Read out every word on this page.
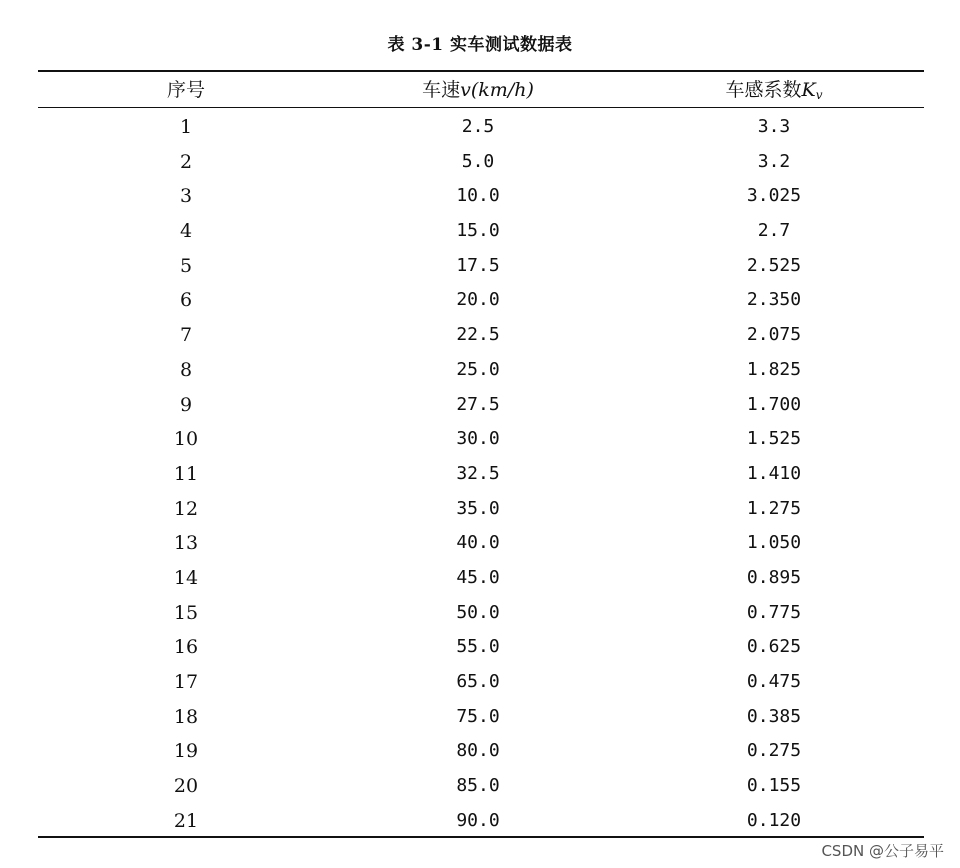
表 3-1 实车测试数据表
序号	车速v(km/h)	车感系数$K_v$
1	2.5	3.3
2	5.0	3.2
3	10.0	3.025
4	15.0	2.7
5	17.5	2.525
6	20.0	2.350
7	22.5	2.075
8	25.0	1.825
9	27.5	1.700
10	30.0	1.525
11	32.5	1.410
12	35.0	1.275
13	40.0	1.050
14	45.0	0.895
15	50.0	0.775
16	55.0	0.625
17	65.0	0.475
18	75.0	0.385
19	80.0	0.275
20	85.0	0.155
21	90.0	0.120
CSDN @公子易平
